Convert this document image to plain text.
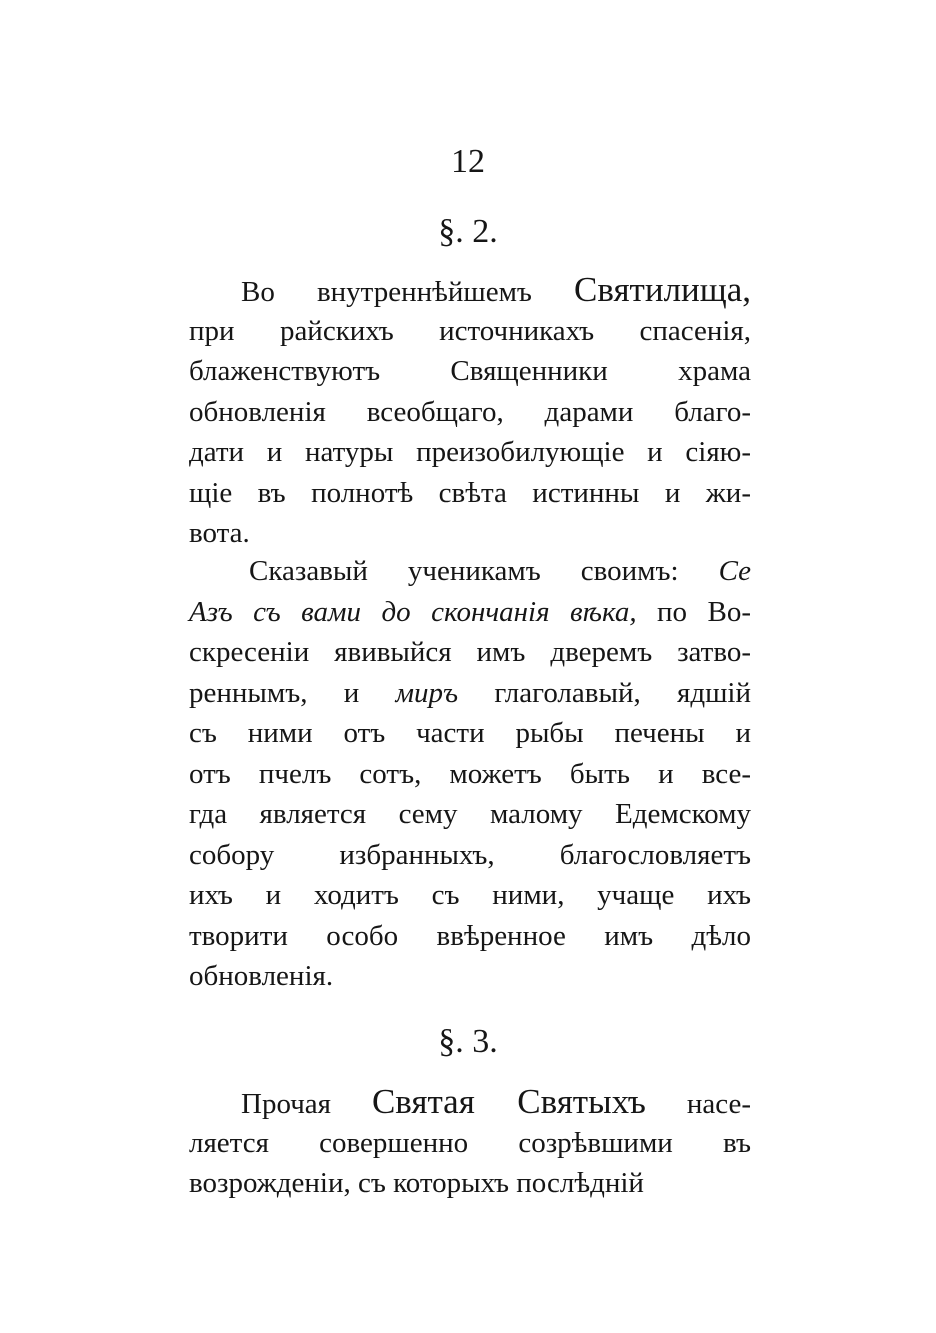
12
§. 2.
Во внутреннѣйшемъ Святилища,
при райскихъ источникахъ спасенія,
блаженствуютъ Священники храма
обновленія всеобщаго, дарами благо-
дати и натуры преизобилующіе и сіяю-
щіе въ полнотѣ свѣта истинны и жи-
вота.
Сказавый ученикамъ своимъ: Се
Азъ съ вами до скончанія вѣка, по Во-
скресеніи явивыйся имъ дверемъ затво-
реннымъ, и миръ глаголавый, ядшій
съ ними отъ части рыбы печены и
отъ пчелъ сотъ, можетъ быть и все-
гда является сему малому Едемскому
собору избранныхъ, благословляетъ
ихъ и ходитъ съ ними, учаще ихъ
творити особо ввѣренное имъ дѣло
обновленія.
§. 3.
Прочая Святая Святыхъ насе-
ляется совершенно созрѣвшими въ
возрожденіи, съ которыхъ послѣдній
